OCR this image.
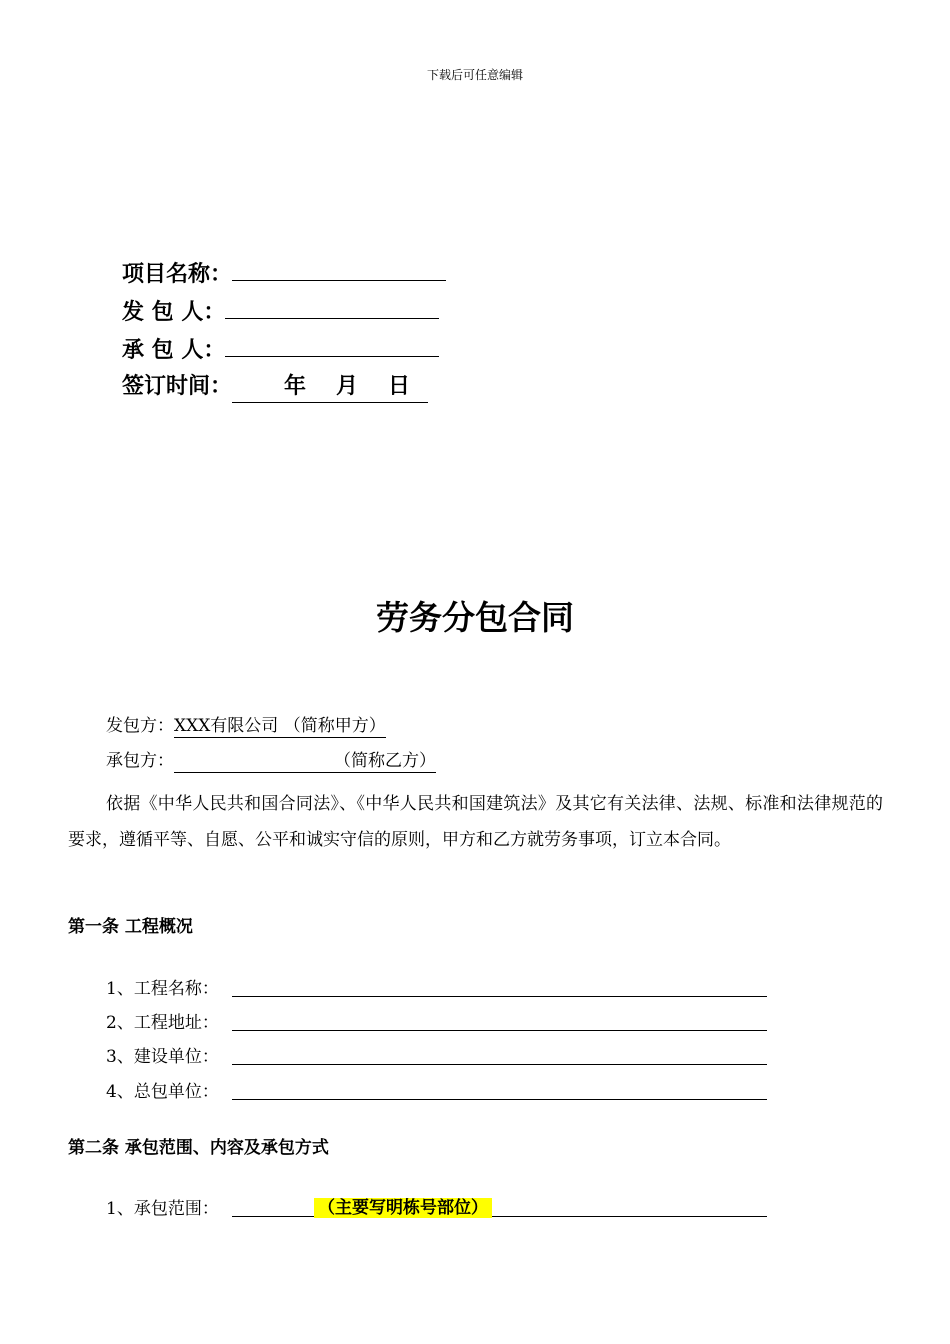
下载后可任意编辑
项目名称：
发 包 人：
承 包 人：
签订时间： 年 月 日
劳务分包合同
发包方：XXX有限公司 （简称甲方）
承包方：	（简称乙方）
依据《中华人民共和国合同法》、《中华人民共和国建筑法》及其它有关法律、法规、标准和法律规范的要求，遵循平等、自愿、公平和诚实守信的原则，甲方和乙方就劳务事项，订立本合同。
第一条 工程概况
1、工程名称：
2、工程地址：
3、建设单位：
4、总包单位：
第二条 承包范围、内容及承包方式
1、承包范围：	（主要写明栋号部位）
